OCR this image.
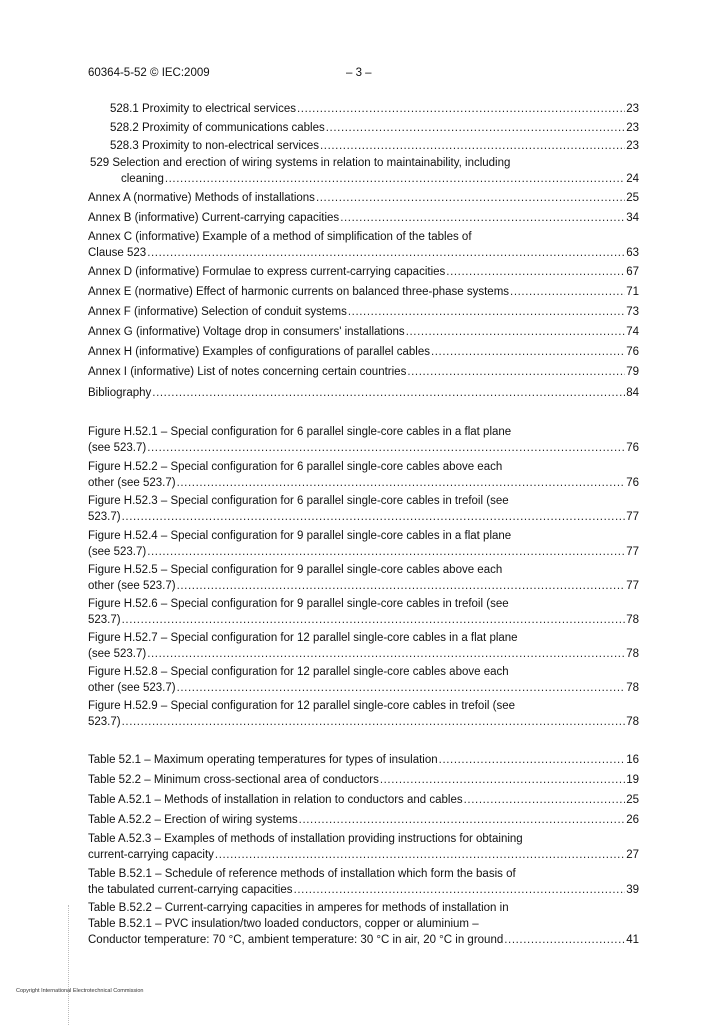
60364-5-52 © IEC:2009	– 3 –
528.1 Proximity to electrical services .....	23
528.2 Proximity of communications cables .....	23
528.3 Proximity to non-electrical services .....	23
529 Selection and erection of wiring systems in relation to maintainability, including
cleaning .....	24
Annex A (normative) Methods of installations .....	25
Annex B (informative) Current-carrying capacities .....	34
Annex C (informative) Example of a method of simplification of the tables of
Clause 523 .....	63
Annex D (informative) Formulae to express current-carrying capacities .....	67
Annex E (normative) Effect of harmonic currents on balanced three-phase systems .....	71
Annex F (informative) Selection of conduit systems .....	73
Annex G (informative) Voltage drop in consumers' installations .....	74
Annex H (informative) Examples of configurations of parallel cables .....	76
Annex I (informative) List of notes concerning certain countries .....	79
Bibliography .....	84
Figure H.52.1 – Special configuration for 6 parallel single-core cables in a flat plane
(see 523.7) .....	76
Figure H.52.2 – Special configuration for 6 parallel single-core cables above each
other (see 523.7) .....	76
Figure H.52.3 – Special configuration for 6 parallel single-core cables in trefoil (see
523.7) .....	77
Figure H.52.4 – Special configuration for 9 parallel single-core cables in a flat plane
(see 523.7) .....	77
Figure H.52.5 – Special configuration for 9 parallel single-core cables above each
other (see 523.7) .....	77
Figure H.52.6 – Special configuration for 9 parallel single-core cables in trefoil (see
523.7) .....	78
Figure H.52.7 – Special configuration for 12 parallel single-core cables in a flat plane
(see 523.7) .....	78
Figure H.52.8 – Special configuration for 12 parallel single-core cables above each
other (see 523.7) .....	78
Figure H.52.9 – Special configuration for 12 parallel single-core cables in trefoil (see
523.7) .....	78
Table 52.1 – Maximum operating temperatures for types of insulation .....	16
Table 52.2 – Minimum cross-sectional area of conductors .....	19
Table A.52.1 – Methods of installation in relation to conductors and cables .....	25
Table A.52.2 – Erection of wiring systems .....	26
Table A.52.3 – Examples of methods of installation providing instructions for obtaining
current-carrying capacity .....	27
Table B.52.1 – Schedule of reference methods of installation which form the basis of
the tabulated current-carrying capacities .....	39
Table B.52.2 – Current-carrying capacities in amperes for methods of installation in
Table B.52.1 – PVC insulation/two loaded conductors, copper or aluminium –
Conductor temperature: 70 °C, ambient temperature: 30 °C in air, 20 °C in ground .....	41
Copyright International Electrotechnical Commission
